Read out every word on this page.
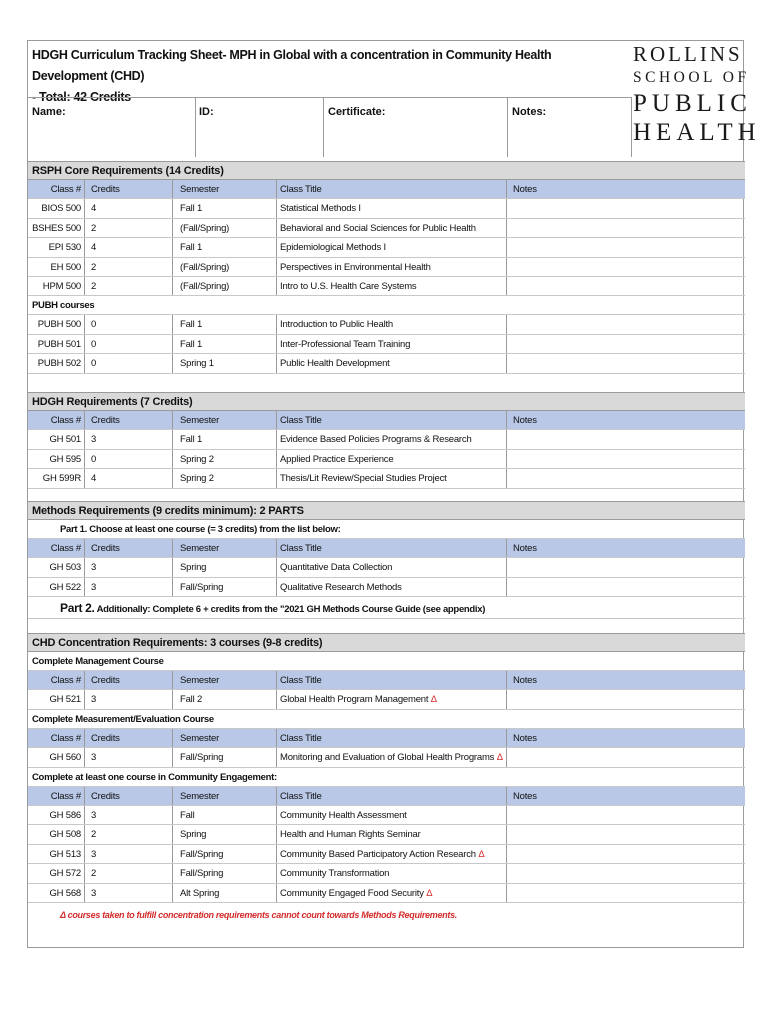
HDGH Curriculum Tracking Sheet- MPH in Global with a concentration in Community Health Development (CHD)
- Total: 42 Credits
ROLLINS
SCHOOL OF
PUBLIC
HEALTH
Name:	ID:	Certificate:	Notes:
RSPH Core Requirements (14 Credits)
Class #	Credits	Semester	Class Title	Notes
BIOS 500	4	Fall 1	Statistical Methods I
BSHES 500	2	(Fall/Spring)	Behavioral and Social Sciences for Public Health
EPI 530	4	Fall 1	Epidemiological Methods I
EH 500	2	(Fall/Spring)	Perspectives in Environmental Health
HPM 500	2	(Fall/Spring)	Intro to U.S. Health Care Systems
PUBH courses
PUBH 500	0	Fall 1	Introduction to Public Health
PUBH 501	0	Fall 1	Inter-Professional Team Training
PUBH 502	0	Spring 1	Public Health Development
HDGH Requirements (7 Credits)
Class #	Credits	Semester	Class Title	Notes
GH 501	3	Fall 1	Evidence Based Policies Programs & Research
GH 595	0	Spring 2	Applied Practice Experience
GH 599R	4	Spring 2	Thesis/Lit Review/Special Studies Project
Methods Requirements (9 credits minimum): 2 PARTS
Part 1. Choose at least one course (= 3 credits) from the list below:
Class #	Credits	Semester	Class Title	Notes
GH 503	3	Spring	Quantitative Data Collection
GH 522	3	Fall/Spring	Qualitative Research Methods
Part 2. Additionally: Complete 6 + credits from the "2021 GH Methods Course Guide (see appendix)
CHD Concentration Requirements: 3 courses (9-8 credits)
Complete Management Course
Class #	Credits	Semester	Class Title	Notes
GH 521	3	Fall 2	Global Health Program Management Δ
Complete Measurement/Evaluation Course
Class #	Credits	Semester	Class Title	Notes
GH 560	3	Fall/Spring	Monitoring and Evaluation of Global Health Programs Δ
Complete at least one course in Community Engagement:
Class #	Credits	Semester	Class Title	Notes
GH 586	3	Fall	Community Health Assessment
GH 508	2	Spring	Health and Human Rights Seminar
GH 513	3	Fall/Spring	Community Based Participatory Action Research Δ
GH 572	2	Fall/Spring	Community Transformation
GH 568	3	Alt Spring	Community Engaged Food Security Δ
Δ courses taken to fulfill concentration requirements cannot count towards Methods Requirements.
